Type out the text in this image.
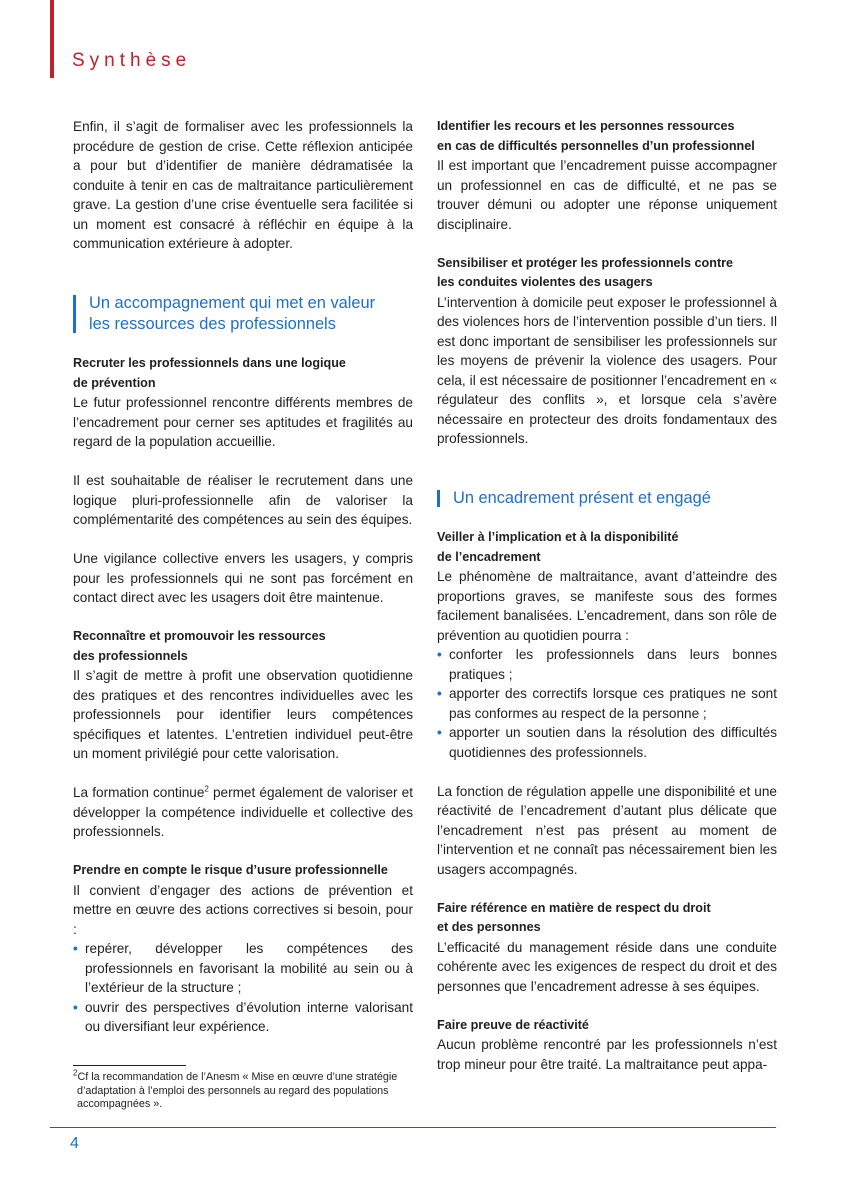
Synthèse

Enfin, il s’agit de formaliser avec les professionnels la procédure de gestion de crise. Cette réflexion anticipée a pour but d’identifier de manière dédramatisée la conduite à tenir en cas de maltraitance particulièrement grave. La gestion d’une crise éventuelle sera facilitée si un moment est consacré à réfléchir en équipe à la communication extérieure à adopter.

Un accompagnement qui met en valeur
les ressources des professionnels
Recruter les professionnels dans une logique
de prévention

Le futur professionnel rencontre différents membres de l’encadrement pour cerner ses aptitudes et fragilités au regard de la population accueillie.

Il est souhaitable de réaliser le recrutement dans une logique pluri-professionnelle afin de valoriser la complémentarité des compétences au sein des équipes.

Une vigilance collective envers les usagers, y compris pour les professionnels qui ne sont pas forcément en contact direct avec les usagers doit être maintenue.

Reconnaître et promouvoir les ressources
des professionnels

Il s’agit de mettre à profit une observation quotidienne des pratiques et des rencontres individuelles avec les professionnels pour identifier leurs compétences spécifiques et latentes. L’entretien individuel peut-être un moment privilégié pour cette valorisation.

La formation continue$^2$ permet également de valoriser et développer la compétence individuelle et collective des professionnels.

Prendre en compte le risque d’usure professionnelle

Il convient d’engager des actions de prévention et mettre en œuvre des actions correctives si besoin, pour :

• repérer, développer les compétences des professionnels en favorisant la mobilité au sein ou à l’extérieur de la structure ;
• ouvrir des perspectives d’évolution interne valorisant ou diversifiant leur expérience.
Identifier les recours et les personnes ressources
en cas de difficultés personnelles d’un professionnel

Il est important que l’encadrement puisse accompagner un professionnel en cas de difficulté, et ne pas se trouver démuni ou adopter une réponse uniquement disciplinaire.

Sensibiliser et protéger les professionnels contre
les conduites violentes des usagers

L’intervention à domicile peut exposer le professionnel à des violences hors de l’intervention possible d’un tiers. Il est donc important de sensibiliser les professionnels sur les moyens de prévenir la violence des usagers. Pour cela, il est nécessaire de positionner l’encadrement en « régulateur des conflits », et lorsque cela s’avère nécessaire en protecteur des droits fondamentaux des professionnels.

Un encadrement présent et engagé
Veiller à l’implication et à la disponibilité
de l’encadrement

Le phénomène de maltraitance, avant d’atteindre des proportions graves, se manifeste sous des formes facilement banalisées. L’encadrement, dans son rôle de prévention au quotidien pourra :

• conforter les professionnels dans leurs bonnes pratiques ;
• apporter des correctifs lorsque ces pratiques ne sont pas conformes au respect de la personne ;
• apporter un soutien dans la résolution des difficultés quotidiennes des professionnels.

La fonction de régulation appelle une disponibilité et une réactivité de l’encadrement d’autant plus délicate que l’encadrement n’est pas présent au moment de l’intervention et ne connaît pas nécessairement bien les usagers accompagnés.

Faire référence en matière de respect du droit
et des personnes

L’efficacité du management réside dans une conduite cohérente avec les exigences de respect du droit et des personnes que l’encadrement adresse à ses équipes.

Faire preuve de réactivité

Aucun problème rencontré par les professionnels n’est trop mineur pour être traité. La maltraitance peut appa-

$^2$Cf la recommandation de l’Anesm « Mise en œuvre d’une stratégie
d’adaptation à l’emploi des personnels au regard des populations
accompagnées ».
4
